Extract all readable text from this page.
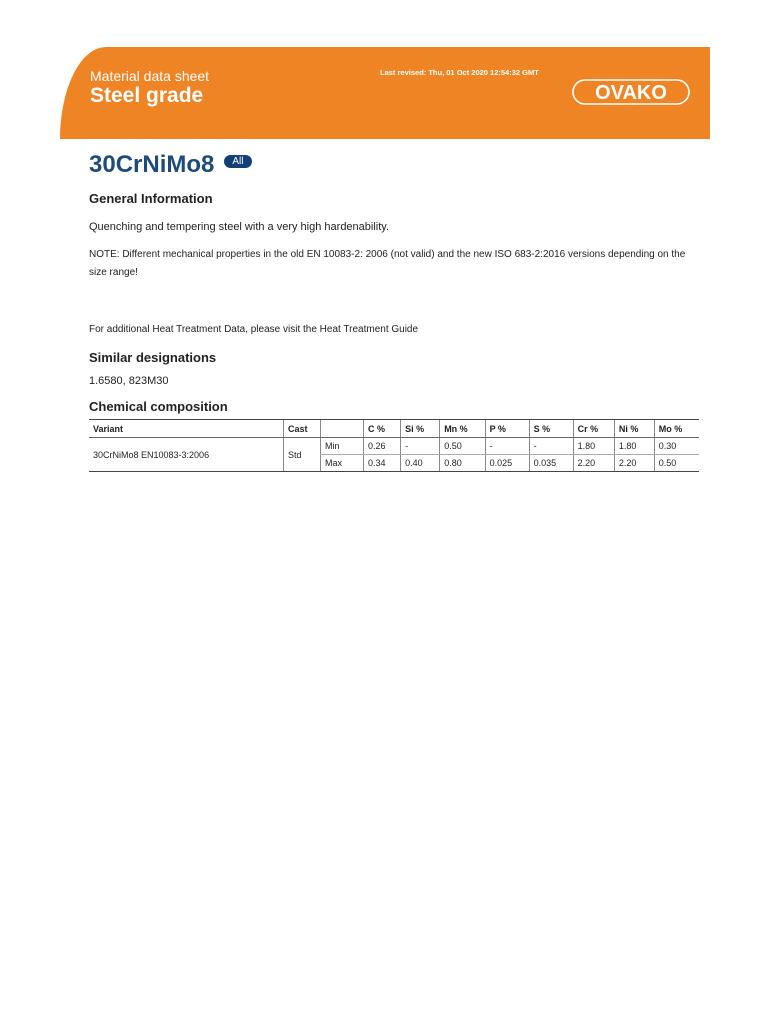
Material data sheet
Steel grade
Last revised: Thu, 01 Oct 2020 12:54:32 GMT
OVAKO
30CrNiMo8	All
General Information

Quenching and tempering steel with a very high hardenability.

NOTE: Different mechanical properties in the old EN 10083-2: 2006 (not valid) and the new ISO 683-2:2016 versions depending on the size range!

For additional Heat Treatment Data, please visit the Heat Treatment Guide

Similar designations

1.6580, 823M30

Chemical composition
Variant	Cast		C %	Si %	Mn %	P %	S %	Cr %	Ni %	Mo %
30CrNiMo8 EN10083-3:2006	Std	Min	0.26	-	0.50	-	-	1.80	1.80	0.30
		Max	0.34	0.40	0.80	0.025	0.035	2.20	2.20	0.50
